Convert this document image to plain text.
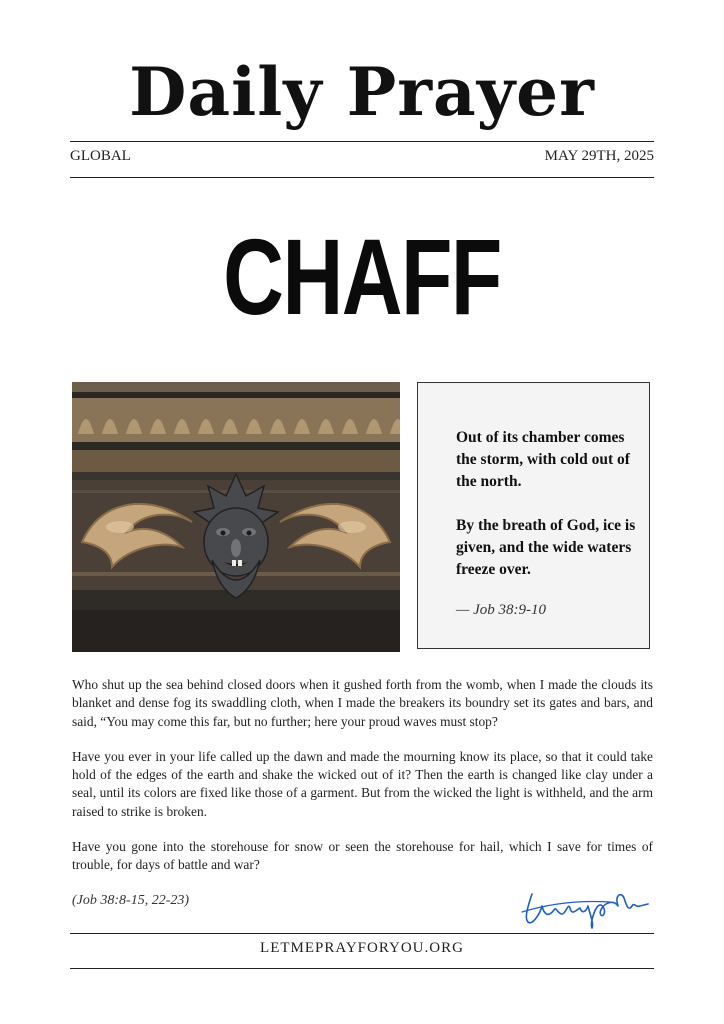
Daily Prayer
GLOBAL	MAY 29TH, 2025
CHAFF

Out of its chamber comes the storm, with cold out of the north.

By the breath of God, ice is given, and the wide waters freeze over.

— Job 38:9-10

Who shut up the sea behind closed doors when it gushed forth from the womb, when I made the clouds its blanket and dense fog its swaddling cloth, when I made the breakers its boundry set its gates and bars, and said, “You may come this far, but no further; here your proud waves must stop?

Have you ever in your life called up the dawn and made the mourning know its place, so that it could take hold of the edges of the earth and shake the wicked out of it? Then the earth is changed like clay under a seal, until its colors are fixed like those of a garment. But from the wicked the light is withheld, and the arm raised to strike is broken.

Have you gone into the storehouse for snow or seen the storehouse for hail, which I save for times of trouble, for days of battle and war?

(Job 38:8-15, 22-23)
LETMEPRAYFORYOU.ORG
